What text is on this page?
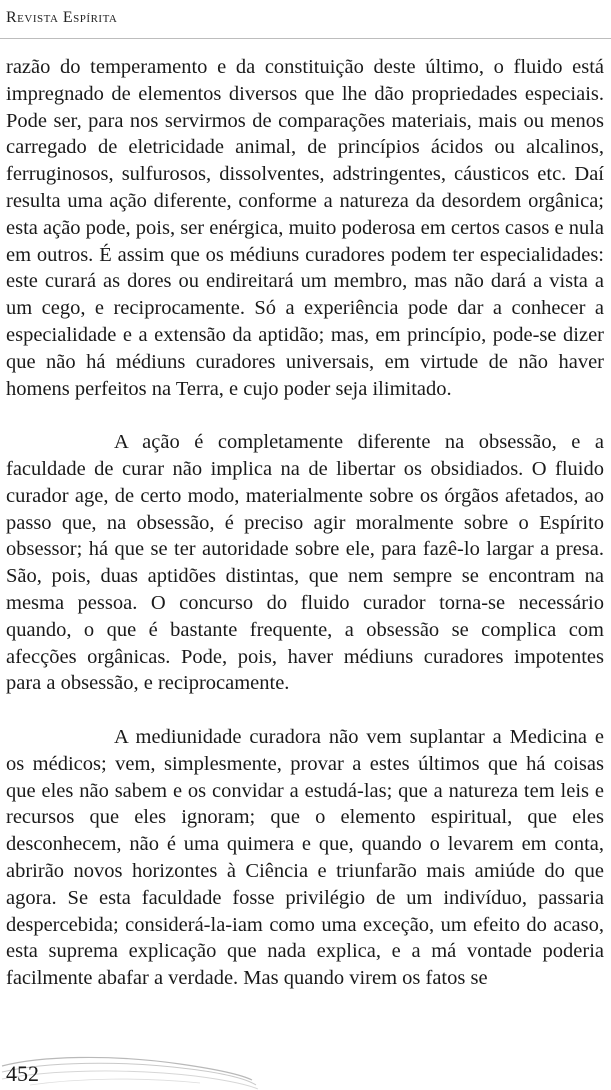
Revista Espírita

razão do temperamento e da constituição deste último, o fluido está impregnado de elementos diversos que lhe dão propriedades especiais. Pode ser, para nos servirmos de comparações materiais, mais ou menos carregado de eletricidade animal, de princípios ácidos ou alcalinos, ferruginosos, sulfurosos, dissolventes, adstringentes, cáusticos etc. Daí resulta uma ação diferente, conforme a natureza da desordem orgânica; esta ação pode, pois, ser enérgica, muito poderosa em certos casos e nula em outros. É assim que os médiuns curadores podem ter especialidades: este curará as dores ou endireitará um membro, mas não dará a vista a um cego, e reciprocamente. Só a experiência pode dar a conhecer a especialidade e a extensão da aptidão; mas, em princípio, pode-se dizer que não há médiuns curadores universais, em virtude de não haver homens perfeitos na Terra, e cujo poder seja ilimitado.

A ação é completamente diferente na obsessão, e a faculdade de curar não implica na de libertar os obsidiados. O fluido curador age, de certo modo, materialmente sobre os órgãos afetados, ao passo que, na obsessão, é preciso agir moralmente sobre o Espírito obsessor; há que se ter autoridade sobre ele, para fazê-lo largar a presa. São, pois, duas aptidões distintas, que nem sempre se encontram na mesma pessoa. O concurso do fluido curador torna-se necessário quando, o que é bastante frequente, a obsessão se complica com afecções orgânicas. Pode, pois, haver médiuns curadores impotentes para a obsessão, e reciprocamente.

A mediunidade curadora não vem suplantar a Medicina e os médicos; vem, simplesmente, provar a estes últimos que há coisas que eles não sabem e os convidar a estudá-las; que a natureza tem leis e recursos que eles ignoram; que o elemento espiritual, que eles desconhecem, não é uma quimera e que, quando o levarem em conta, abrirão novos horizontes à Ciência e triunfarão mais amiúde do que agora. Se esta faculdade fosse privilégio de um indivíduo, passaria despercebida; considerá-la-iam como uma exceção, um efeito do acaso, esta suprema explicação que nada explica, e a má vontade poderia facilmente abafar a verdade. Mas quando virem os fatos se

452
